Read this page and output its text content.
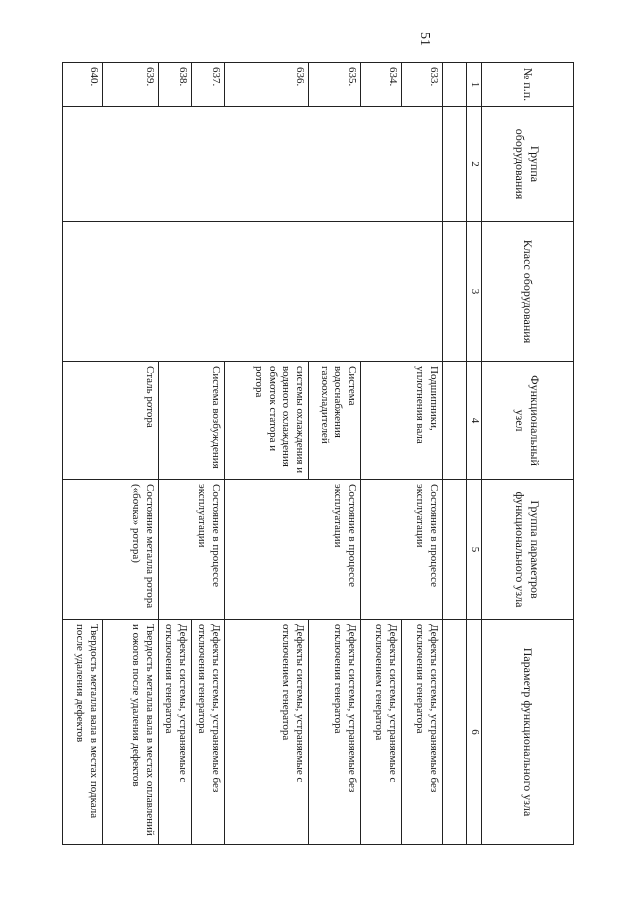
51
№ п.п.	Группа оборудования	Класс оборудования	Функциональный узел	Группа параметров функционального узла	Параметр функционального узла
1	2	3	4	5	6

633.			Подшипники, уплотнения вала	Состояние в процессе эксплуатации	Дефекты системы, устраняемые без отключения генератора
634.					Дефекты системы, устраняемые с отключением генератора
635.			Система водоснабжения газоохладителей	Состояние в процессе эксплуатации	Дефекты системы, устраняемые без отключения генератора
636.			системы охлаждения и водяного охлаждения обмоток статора и ротора		Дефекты системы, устраняемые с отключением генератора
637.			Система возбуждения	Состояние в процессе эксплуатации	Дефекты системы, устраняемые без отключения генератора
638.					Дефекты системы, устраняемые с отключения генератора
639.			Сталь ротора	Состояние металла ротора («бочка» ротора)	Твердость металла вала в местах оплавлений и ожогов после удаления дефектов
640.					Твердость металла вала в местах подкала после удаления дефектов
